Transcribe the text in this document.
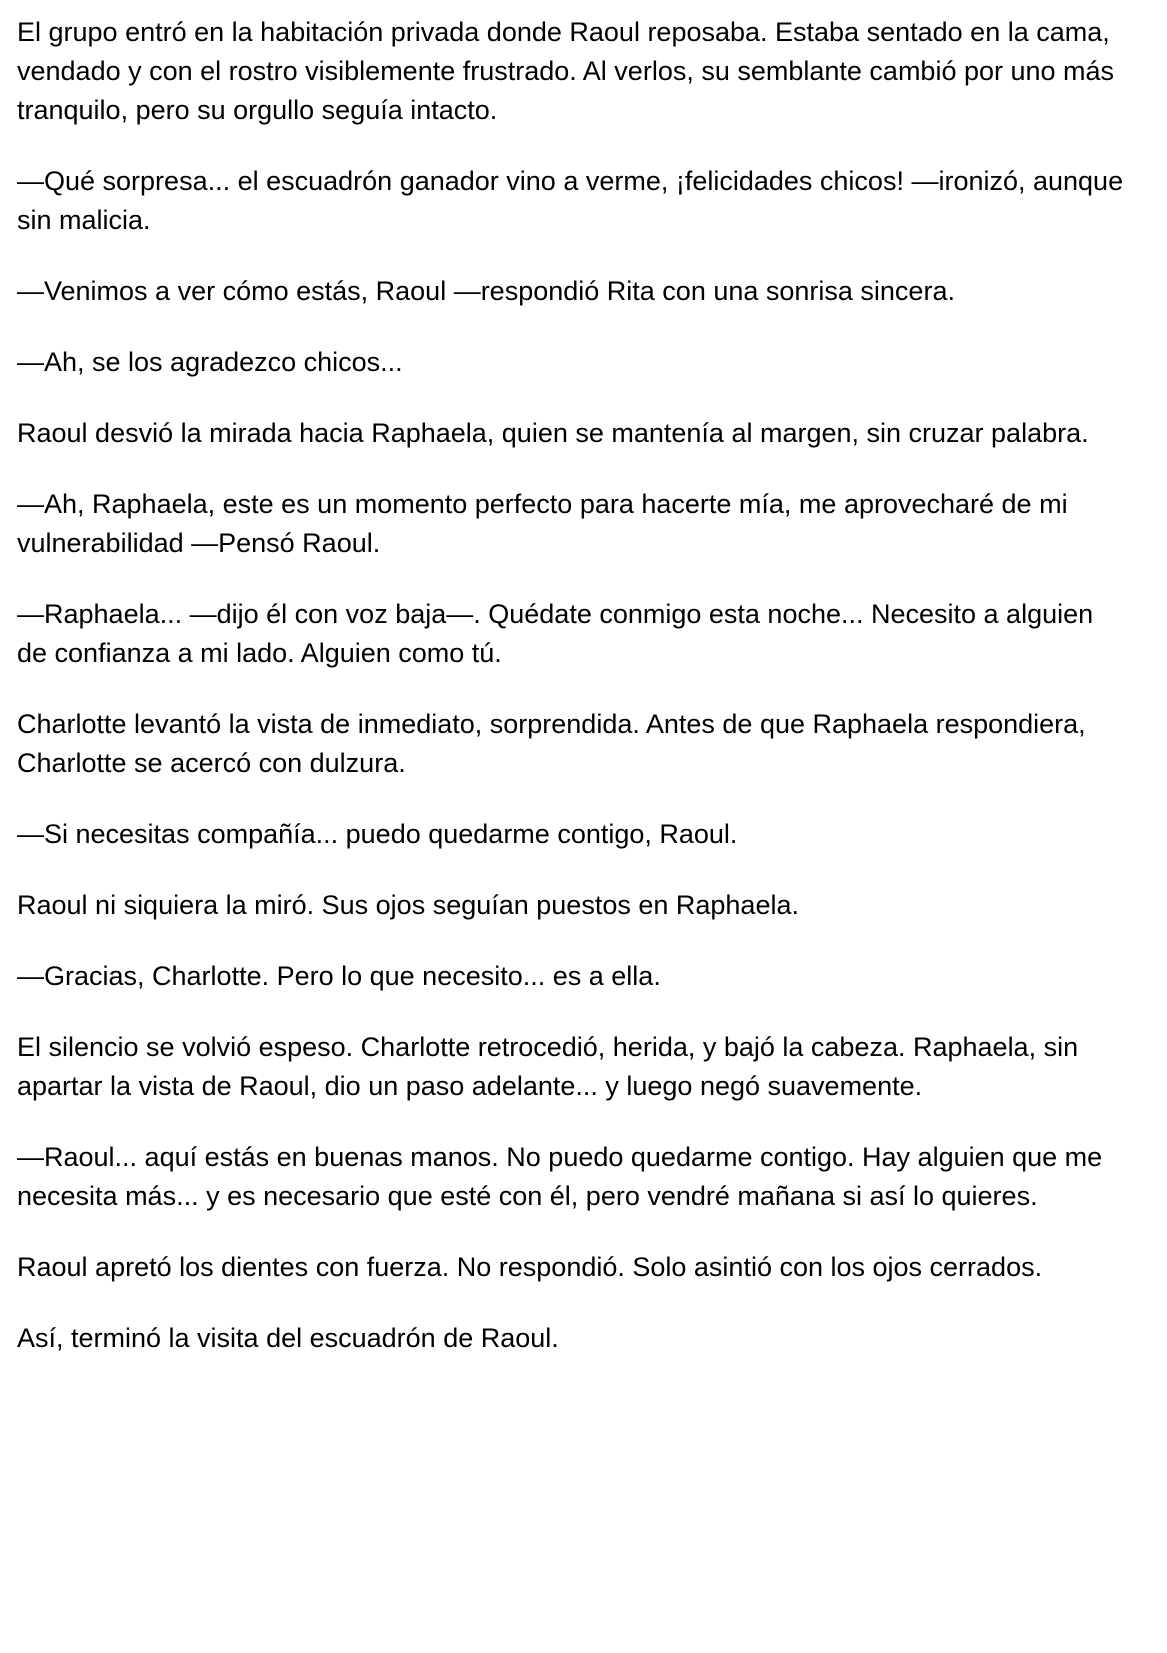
El grupo entró en la habitación privada donde Raoul reposaba. Estaba sentado en la cama, vendado y con el rostro visiblemente frustrado. Al verlos, su semblante cambió por uno más tranquilo, pero su orgullo seguía intacto.

—Qué sorpresa... el escuadrón ganador vino a verme, ¡felicidades chicos! —ironizó, aunque sin malicia.

—Venimos a ver cómo estás, Raoul —respondió Rita con una sonrisa sincera.

—Ah, se los agradezco chicos...

Raoul desvió la mirada hacia Raphaela, quien se mantenía al margen, sin cruzar palabra.

—Ah, Raphaela, este es un momento perfecto para hacerte mía, me aprovecharé de mi vulnerabilidad —Pensó Raoul.

—Raphaela... —dijo él con voz baja—. Quédate conmigo esta noche... Necesito a alguien de confianza a mi lado. Alguien como tú.

Charlotte levantó la vista de inmediato, sorprendida. Antes de que Raphaela respondiera, Charlotte se acercó con dulzura.

—Si necesitas compañía... puedo quedarme contigo, Raoul.

Raoul ni siquiera la miró. Sus ojos seguían puestos en Raphaela.

—Gracias, Charlotte. Pero lo que necesito... es a ella.

El silencio se volvió espeso. Charlotte retrocedió, herida, y bajó la cabeza. Raphaela, sin apartar la vista de Raoul, dio un paso adelante... y luego negó suavemente.

—Raoul... aquí estás en buenas manos. No puedo quedarme contigo. Hay alguien que me necesita más... y es necesario que esté con él, pero vendré mañana si así lo quieres.

Raoul apretó los dientes con fuerza. No respondió. Solo asintió con los ojos cerrados.

Así, terminó la visita del escuadrón de Raoul.
